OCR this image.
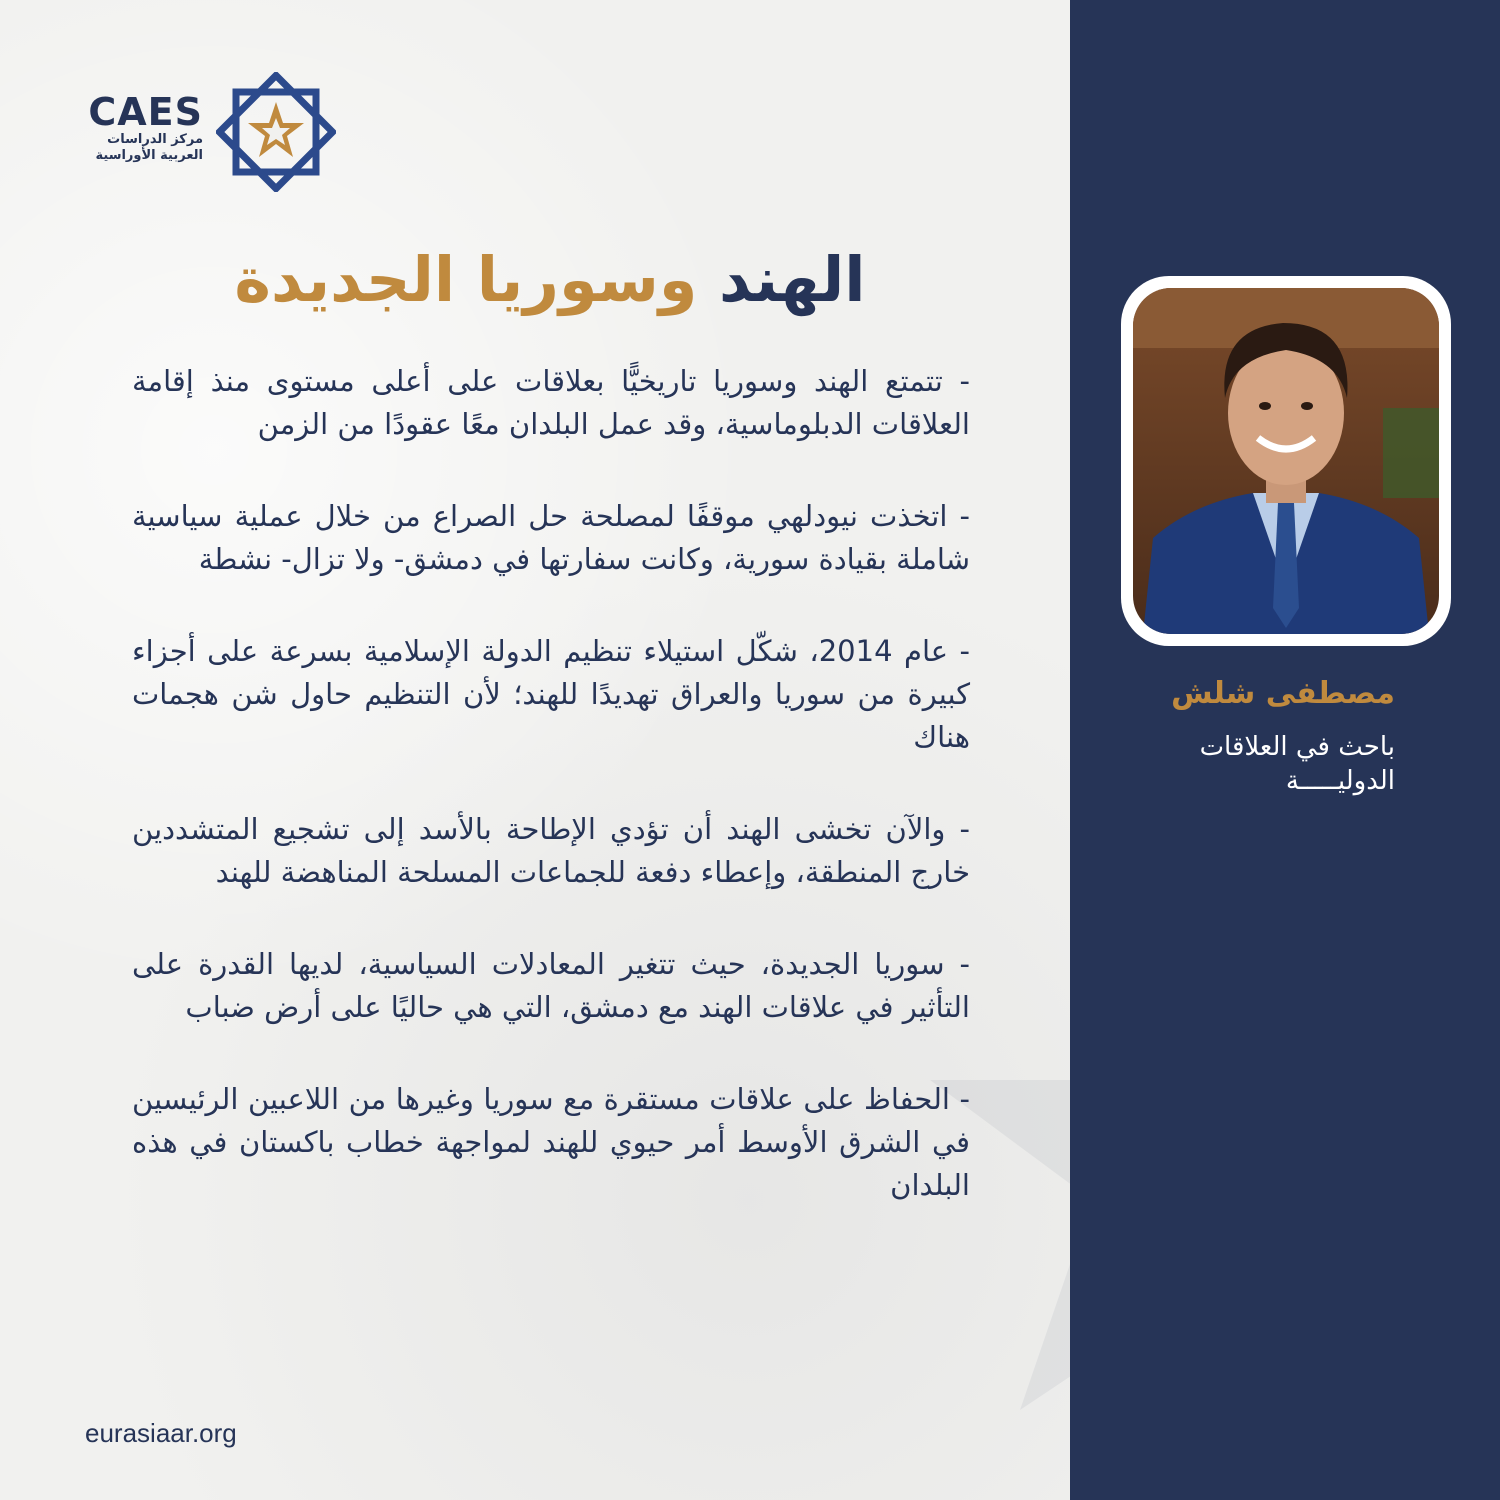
CAES
مركز الدراسات
العربية الأوراسية
الهند وسوريا الجديدة

- تتمتع الهند وسوريا تاريخيًّا بعلاقات على أعلى مستوى منذ إقامة العلاقات الدبلوماسية، وقد عمل البلدان معًا عقودًا من الزمن

- اتخذت نيودلهي موقفًا لمصلحة حل الصراع من خلال عملية سياسية شاملة بقيادة سورية، وكانت سفارتها في دمشق- ولا تزال- نشطة

- عام 2014، شكّل استيلاء تنظيم الدولة الإسلامية بسرعة على أجزاء كبيرة من سوريا والعراق تهديدًا للهند؛ لأن التنظيم حاول شن هجمات هناك

- والآن تخشى الهند أن تؤدي الإطاحة بالأسد إلى تشجيع المتشددين خارج المنطقة، وإعطاء دفعة للجماعات المسلحة المناهضة للهند

- سوريا الجديدة، حيث تتغير المعادلات السياسية، لديها القدرة على التأثير في علاقات الهند مع دمشق، التي هي حاليًا على أرض ضباب

- الحفاظ على علاقات مستقرة مع سوريا وغيرها من اللاعبين الرئيسين في الشرق الأوسط أمر حيوي للهند لمواجهة خطاب باكستان في هذه البلدان

eurasiaar.org
مصطفى شلش
باحث في العلاقات
الدوليـــــة
